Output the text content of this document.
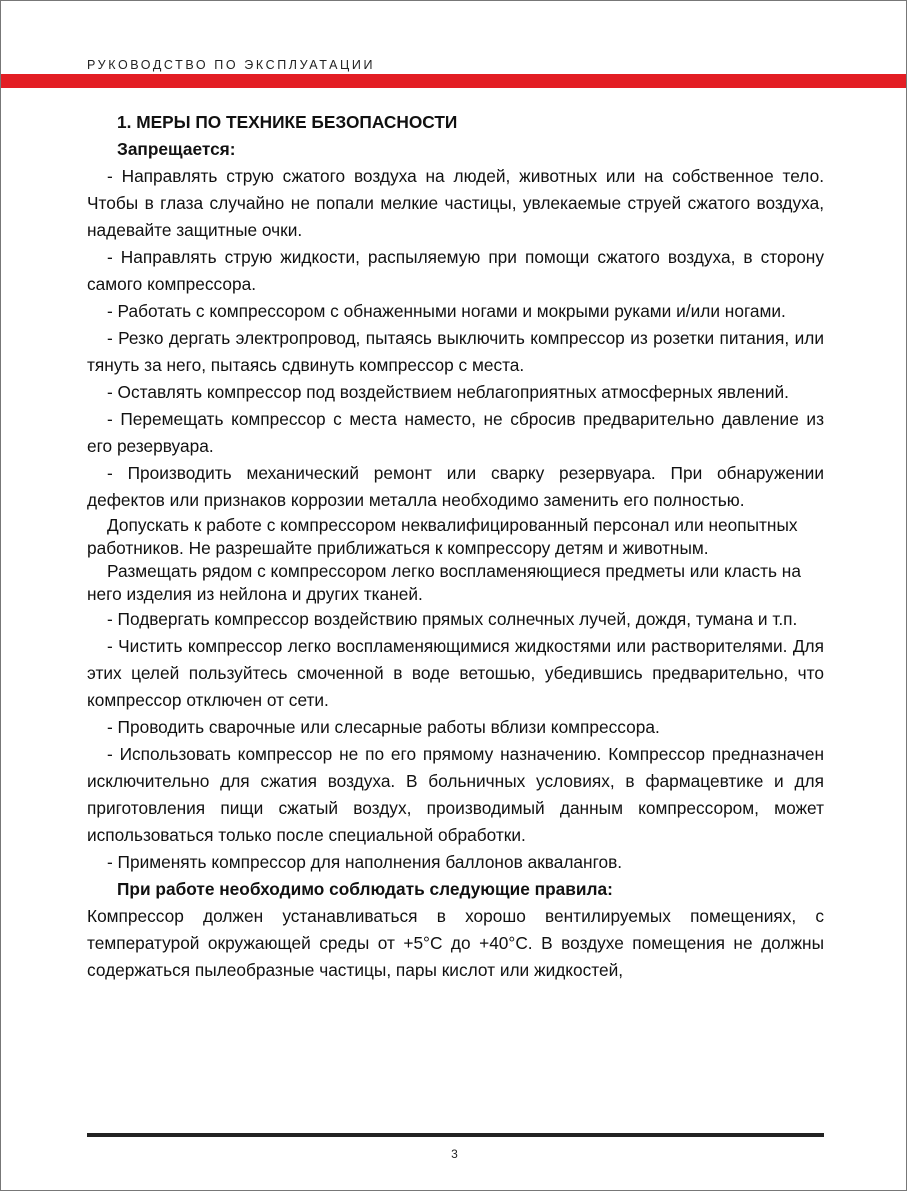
РУКОВОДСТВО ПО ЭКСПЛУАТАЦИИ

1. МЕРЫ ПО ТЕХНИКЕ БЕЗОПАСНОСТИ

Запрещается:

- Направлять струю сжатого воздуха на людей, животных или на собственное тело. Чтобы в глаза случайно не попали мелкие частицы, увлекаемые струей сжатого воздуха, надевайте защитные очки.

- Направлять струю жидкости, распыляемую при помощи сжатого воздуха, в сторону самого компрессора.

- Работать с компрессором с обнаженными ногами и мокрыми руками и/или ногами.

- Резко дергать электропровод, пытаясь выключить компрессор из розетки питания, или тянуть за него, пытаясь сдвинуть компрессор с места.

- Оставлять компрессор под воздействием неблагоприятных атмосферных явлений.

- Перемещать компрессор с места наместо, не сбросив предварительно давление из его резервуара.

- Производить механический ремонт или сварку резервуара. При обнаружении дефектов или признаков коррозии металла необходимо заменить его полностью.

Допускать к работе с компрессором неквалифицированный персонал или неопытных работников. Не разрешайте приближаться к компрессору детям и животным.

Размещать рядом с компрессором легко воспламеняющиеся предметы или класть на него изделия из нейлона и других тканей.

- Подвергать компрессор воздействию прямых солнечных лучей, дождя, тумана и т.п.

- Чистить компрессор легко воспламеняющимися жидкостями или растворителями. Для этих целей пользуйтесь смоченной в воде ветошью, убедившись предварительно, что компрессор отключен от сети.

- Проводить сварочные или слесарные работы вблизи компрессора.

- Использовать компрессор не по его прямому назначению. Компрессор предназначен исключительно для сжатия воздуха. В больничных условиях, в фармацевтике и для приготовления пищи сжатый воздух, производимый данным компрессором, может использоваться только после специальной обработки.

- Применять компрессор для наполнения баллонов аквалангов.

При работе необходимо соблюдать следующие правила:

Компрессор должен устанавливаться в хорошо вентилируемых помещениях, с температурой окружающей среды от +5°С до +40°С. В воздухе помещения не должны содержаться пылеобразные частицы, пары кислот или жидкостей,

3
